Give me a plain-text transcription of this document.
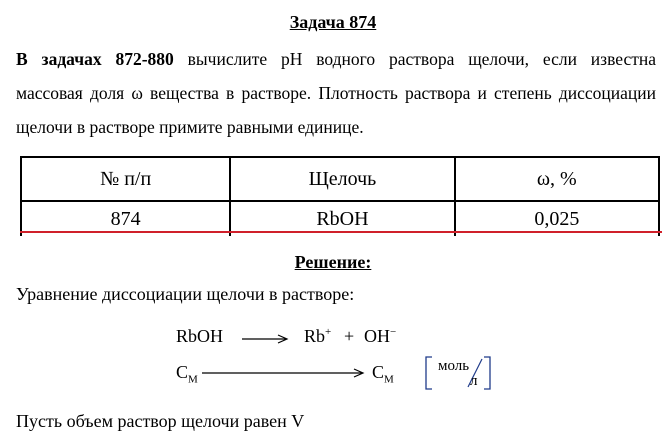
Задача 874
В задачах 872-880 вычислите pH водного раствора щелочи, если известна
массовая доля ω вещества в растворе. Плотность раствора и степень диссоциации
щелочи в растворе примите равными единице.
№ п/п	Щелочь	ω, %
874	RbOH	0,025
Решение:
Уравнение диссоциации щелочи в растворе:
RbOH → Rb+ + OH−
$C_М$	$C_М$
моль
л
Пусть объем раствор щелочи равен V
